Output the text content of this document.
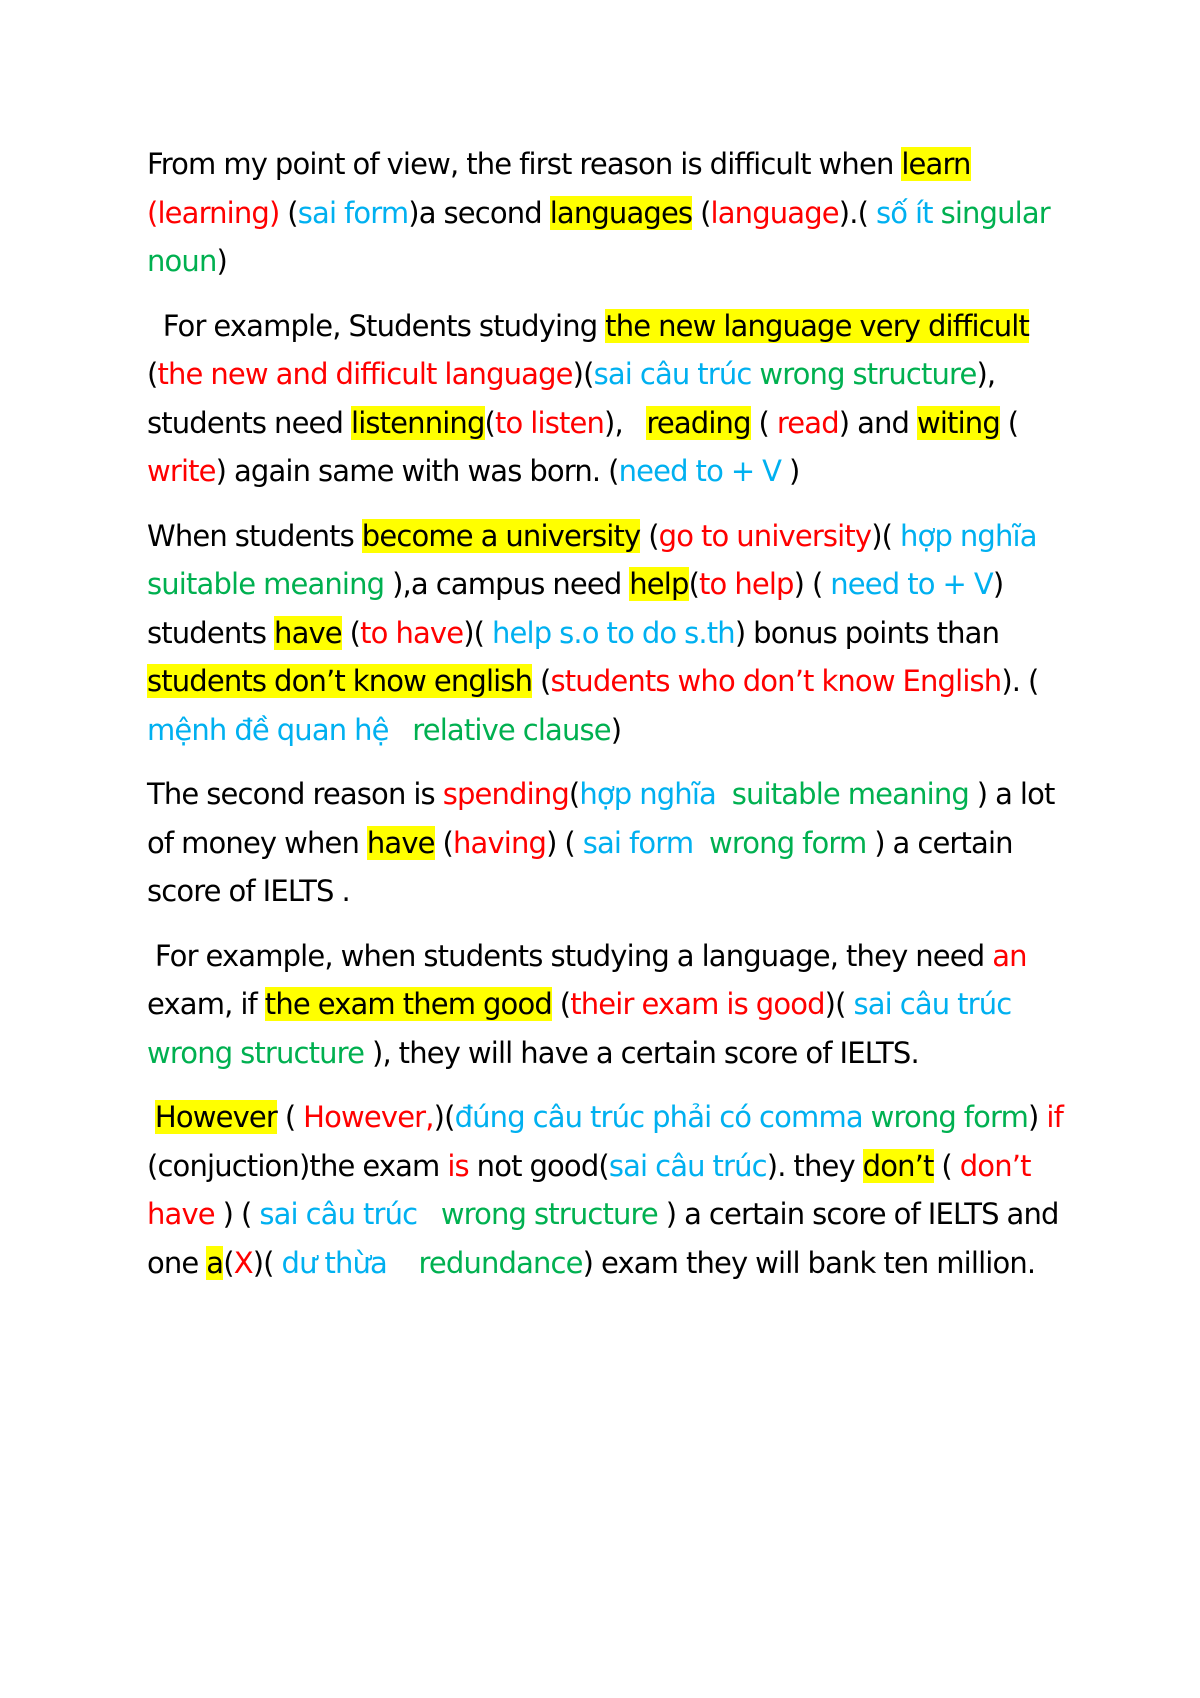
From my point of view, the first reason is difficult when learn (learning) (sai form)a second languages (language).( số ít singular noun)

For example, Students studying the new language very difficult (the new and difficult language)(sai câu trúc wrong structure), students need listenning(to listen),   reading ( read) and witing ( write) again same with was born. (need to + V )

When students become a university (go to university)( hợp nghĩa  suitable meaning ),a campus need help(to help) ( need to + V) students have (to have)( help s.o to do s.th) bonus points than students don’t know english (students who don’t know English). ( mệnh đề quan hệ relative clause)

The second reason is spending(hợp nghĩa suitable meaning ) a lot of money when have (having) ( sai form wrong form ) a certain score of IELTS .

For example, when students studying a language, they need an exam, if the exam them good (their exam is good)( sai câu trúc   wrong structure ), they will have a certain score of IELTS.

However ( However,)(đúng câu trúc phải có comma wrong form) if  (conjuction)the exam is not good(sai câu trúc). they don’t ( don’t have ) ( sai câu trúc wrong structure ) a certain score of IELTS and one a(X)( dư thừa redundance) exam they will bank ten million.
